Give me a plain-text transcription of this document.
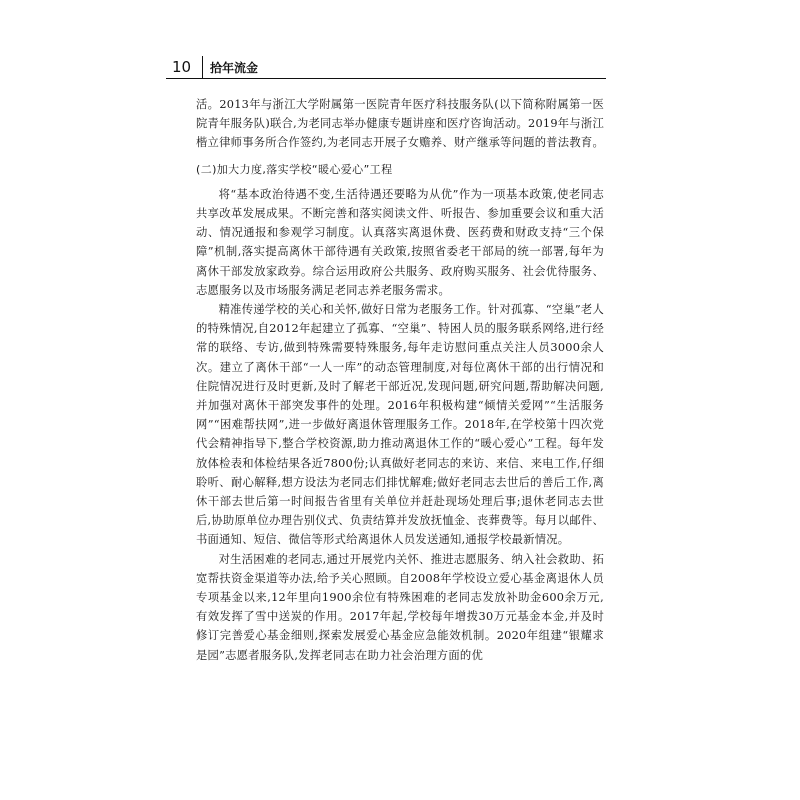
10 拾年流金

活。2013年与浙江大学附属第一医院青年医疗科技服务队(以下简称附属第一医院青年服务队)联合,为老同志举办健康专题讲座和医疗咨询活动。2019年与浙江楷立律师事务所合作签约,为老同志开展子女赡养、财产继承等问题的普法教育。

(二)加大力度,落实学校“暖心爱心”工程

将“基本政治待遇不变,生活待遇还要略为从优”作为一项基本政策,使老同志共享改革发展成果。不断完善和落实阅读文件、听报告、参加重要会议和重大活动、情况通报和参观学习制度。认真落实离退休费、医药费和财政支持“三个保障”机制,落实提高离休干部待遇有关政策,按照省委老干部局的统一部署,每年为离休干部发放家政券。综合运用政府公共服务、政府购买服务、社会优待服务、志愿服务以及市场服务满足老同志养老服务需求。

精准传递学校的关心和关怀,做好日常为老服务工作。针对孤寡、“空巢”老人的特殊情况,自2012年起建立了孤寡、“空巢”、特困人员的服务联系网络,进行经常的联络、专访,做到特殊需要特殊服务,每年走访慰问重点关注人员3000余人次。建立了离休干部“一人一库”的动态管理制度,对每位离休干部的出行情况和住院情况进行及时更新,及时了解老干部近况,发现问题,研究问题,帮助解决问题,并加强对离休干部突发事件的处理。2016年积极构建“倾情关爱网”“生活服务网”“困难帮扶网”,进一步做好离退休管理服务工作。2018年,在学校第十四次党代会精神指导下,整合学校资源,助力推动离退休工作的“暖心爱心”工程。每年发放体检表和体检结果各近7800份;认真做好老同志的来访、来信、来电工作,仔细聆听、耐心解释,想方设法为老同志们排忧解难;做好老同志去世后的善后工作,离休干部去世后第一时间报告省里有关单位并赶赴现场处理后事;退休老同志去世后,协助原单位办理告别仪式、负责结算并发放抚恤金、丧葬费等。每月以邮件、书面通知、短信、微信等形式给离退休人员发送通知,通报学校最新情况。

对生活困难的老同志,通过开展党内关怀、推进志愿服务、纳入社会救助、拓宽帮扶资金渠道等办法,给予关心照顾。自2008年学校设立爱心基金离退休人员专项基金以来,12年里向1900余位有特殊困难的老同志发放补助金600余万元,有效发挥了雪中送炭的作用。2017年起,学校每年增拨30万元基金本金,并及时修订完善爱心基金细则,探索发展爱心基金应急能效机制。2020年组建“银耀求是园”志愿者服务队,发挥老同志在助力社会治理方面的优
